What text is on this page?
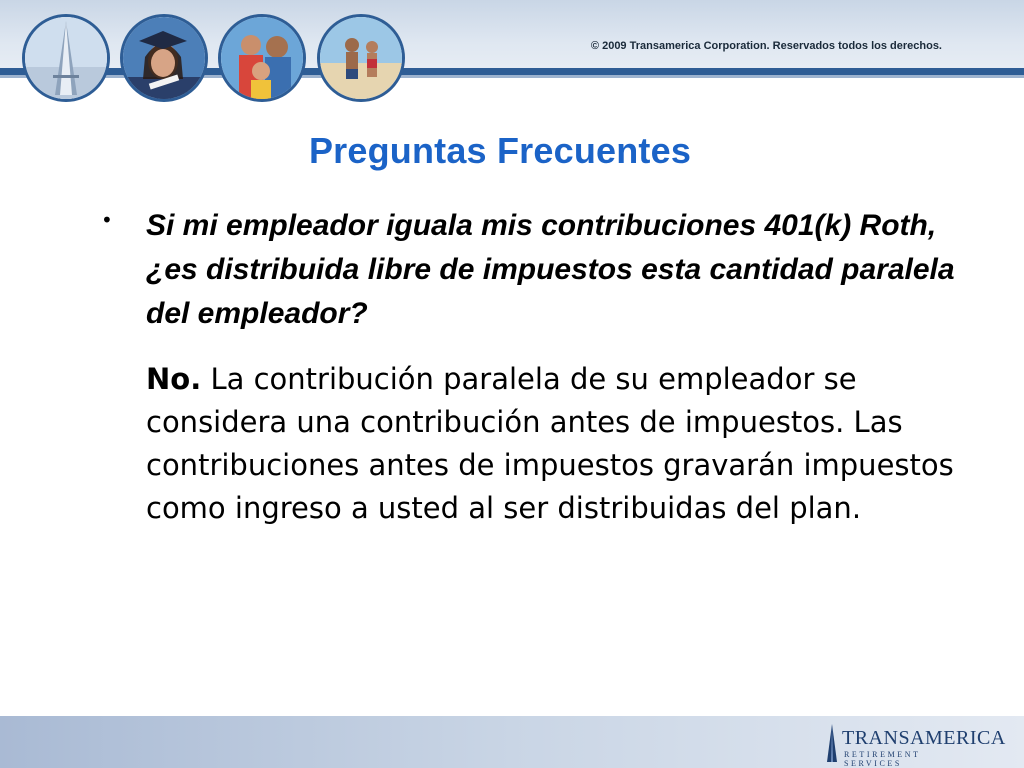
© 2009 Transamerica Corporation. Reservados todos los derechos.
Preguntas Frecuentes
• Si mi empleador iguala mis contribuciones 401(k) Roth, ¿es distribuida libre de impuestos esta cantidad paralela del empleador?
No. La contribución paralela de su empleador se considera una contribución antes de impuestos. Las contribuciones antes de impuestos gravarán impuestos como ingreso a usted al ser distribuidas del plan.
TRANSAMERICA
RETIREMENT SERVICES
